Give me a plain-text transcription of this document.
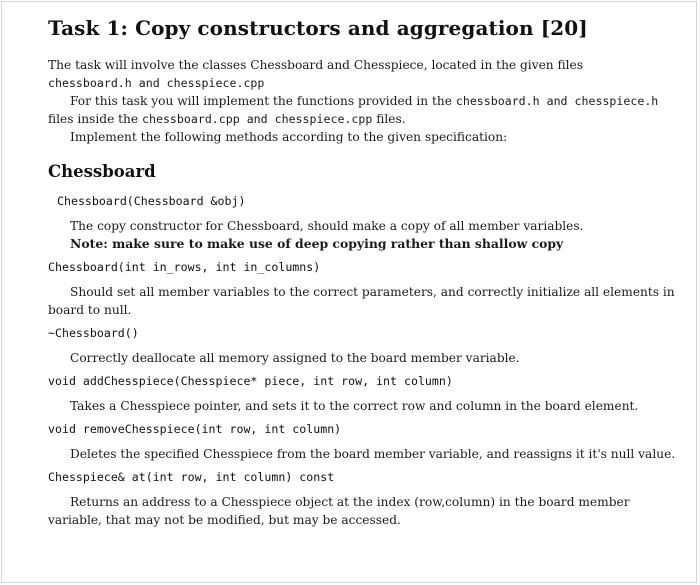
Task 1: Copy constructors and aggregation [20]

The task will involve the classes Chessboard and Chesspiece, located in the given files

chessboard.h and chesspiece.cpp

For this task you will implement the functions provided in the chessboard.h and chesspiece.h

files inside the chessboard.cpp and chesspiece.cpp files.

Implement the following methods according to the given specification:

Chessboard

Chessboard(Chessboard &obj)

The copy constructor for Chessboard, should make a copy of all member variables.

Note: make sure to make use of deep copying rather than shallow copy

Chessboard(int in_rows, int in_columns)

Should set all member variables to the correct parameters, and correctly initialize all elements in board to null.

~Chessboard()

Correctly deallocate all memory assigned to the board member variable.

void addChesspiece(Chesspiece* piece, int row, int column)

Takes a Chesspiece pointer, and sets it to the correct row and column in the board element.

void removeChesspiece(int row, int column)

Deletes the specified Chesspiece from the board member variable, and reassigns it it's null value.

Chesspiece& at(int row, int column) const

Returns an address to a Chesspiece object at the index (row,column) in the board member variable, that may not be modified, but may be accessed.
